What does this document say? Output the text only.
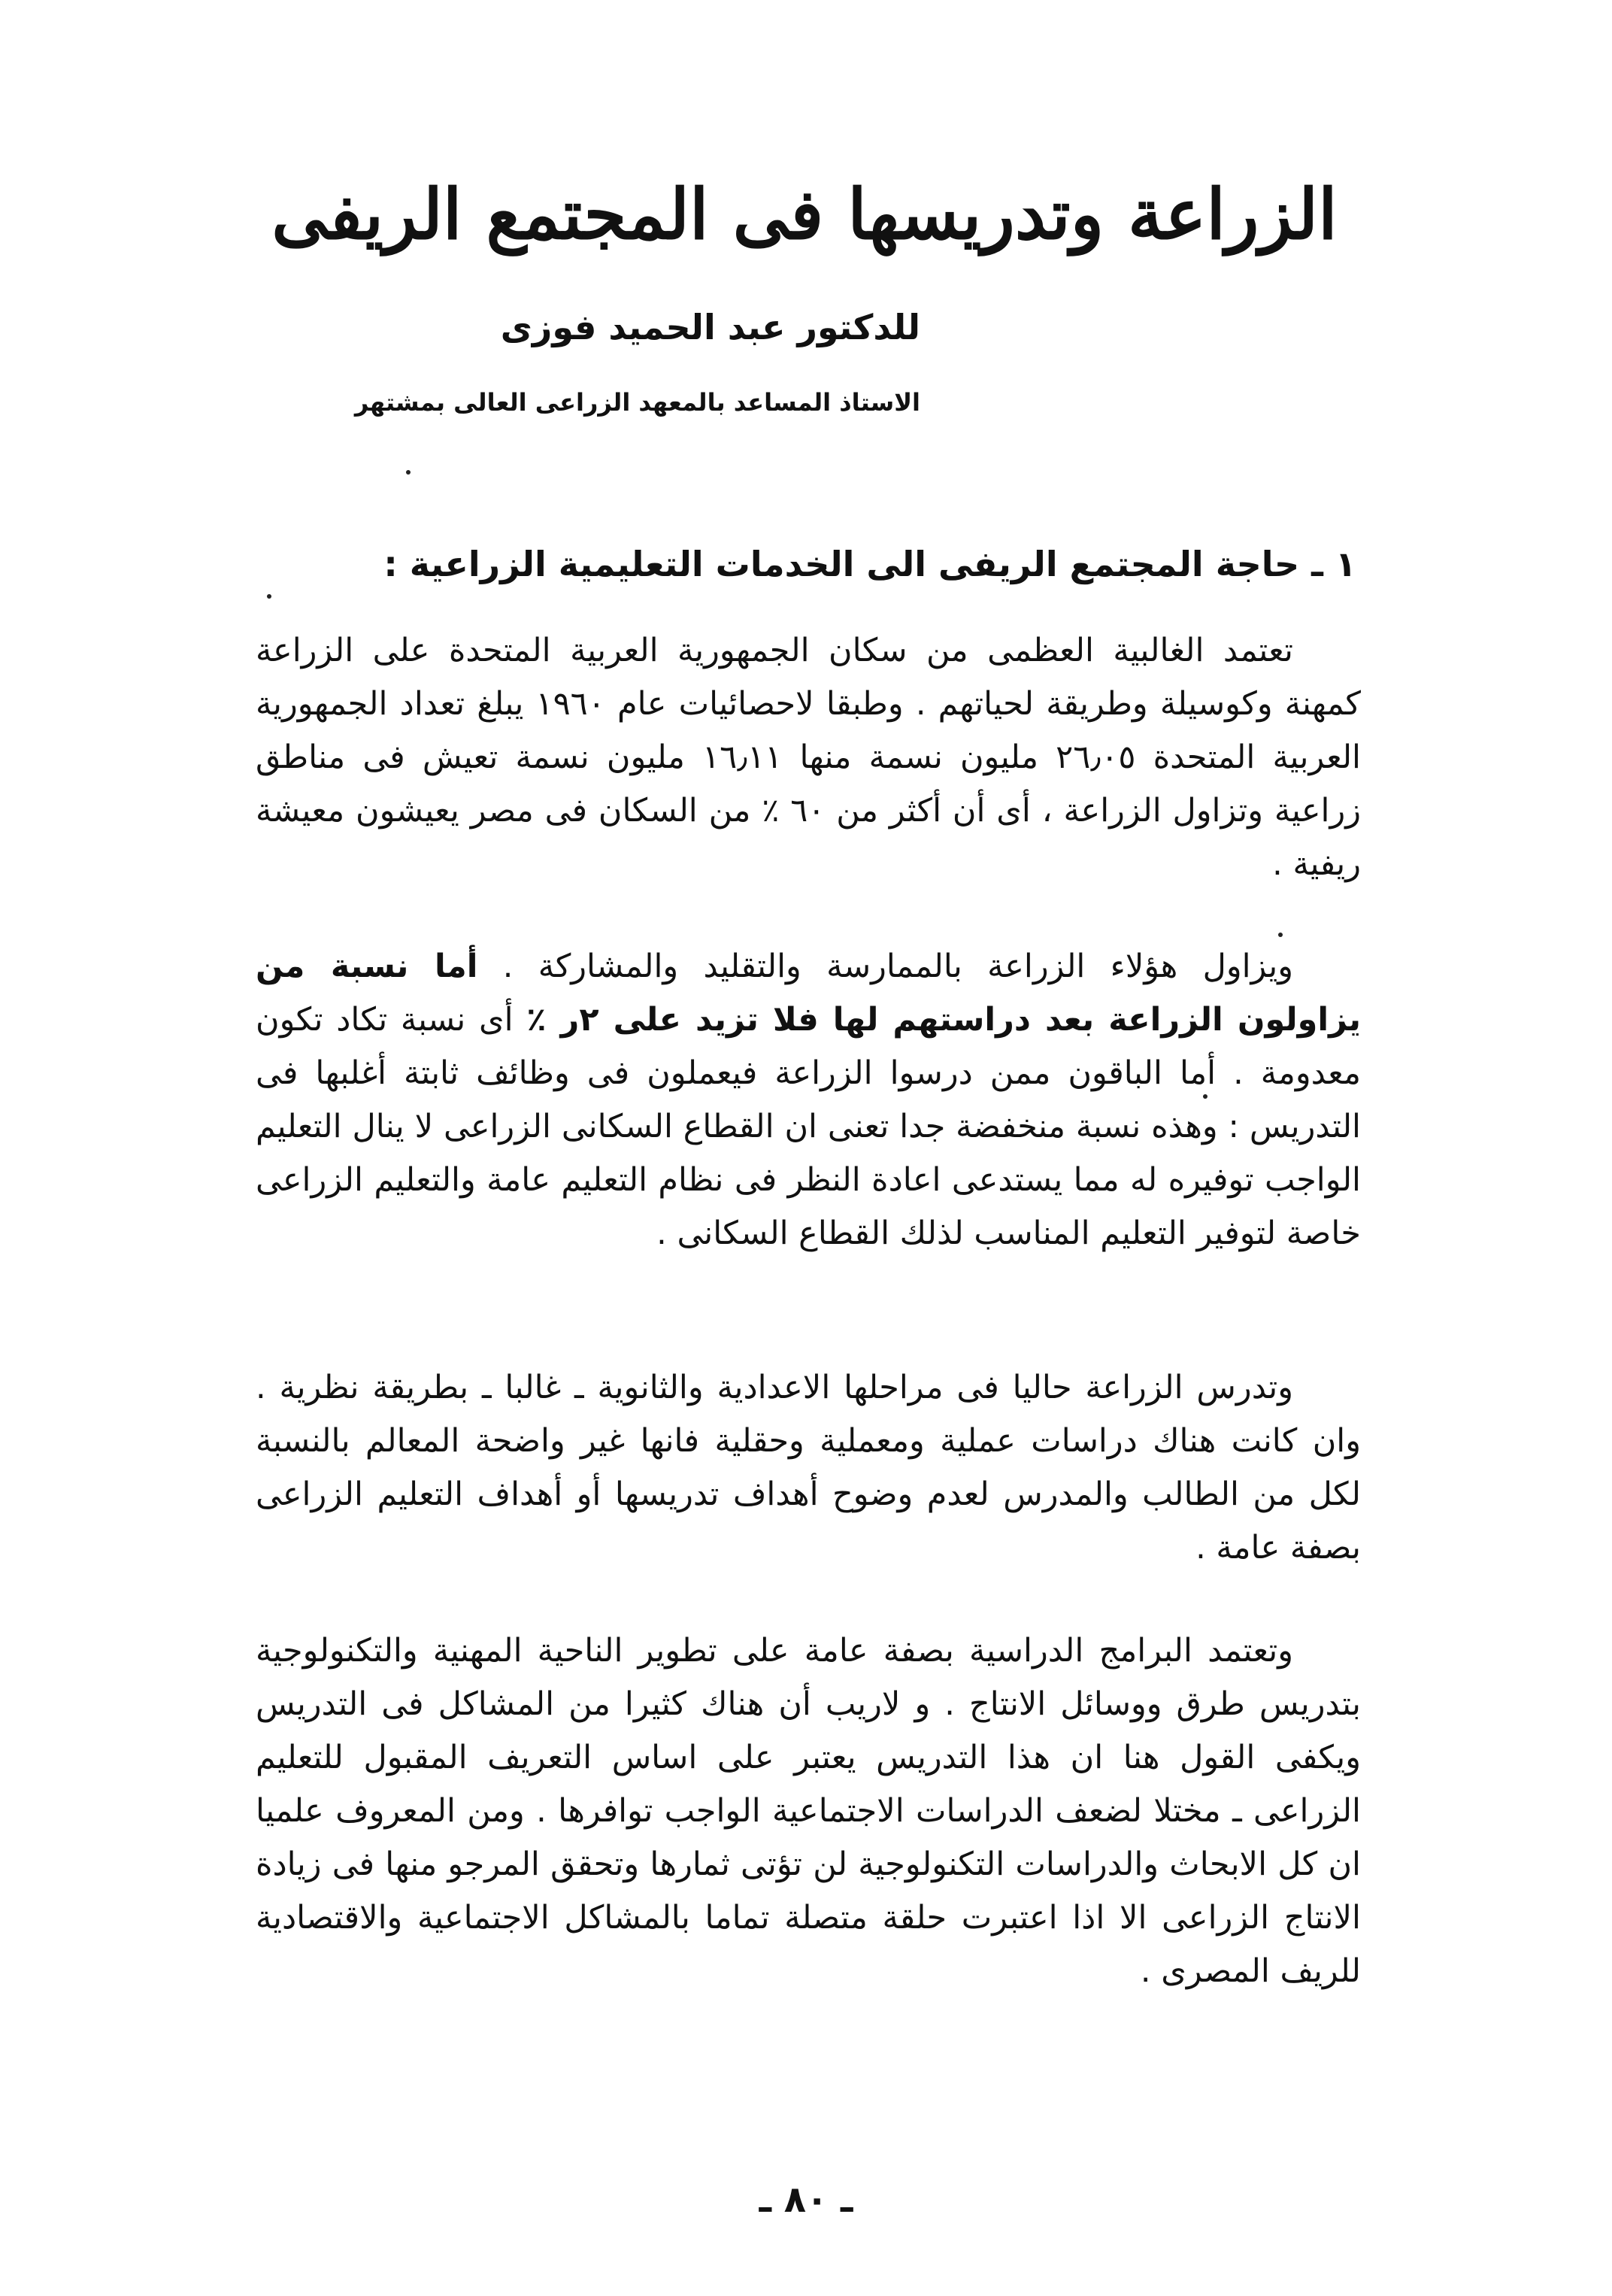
الزراعة وتدريسها فى المجتمع الريفى
للدكتور عبد الحميد فوزى
الاستاذ المساعد بالمعهد الزراعى العالى بمشتهر
١ ـ حاجة المجتمع الريفى الى الخدمات التعليمية الزراعية :

تعتمد الغالبية العظمى من سكان الجمهورية العربية المتحدة على الزراعة كمهنة وكوسيلة وطريقة لحياتهم . وطبقا لاحصائيات عام ١٩٦٠ يبلغ تعداد الجمهورية العربية المتحدة ٢٦٫٠٥ مليون نسمة منها ١٦٫١١ مليون نسمة تعيش فى مناطق زراعية وتزاول الزراعة ، أى أن أكثر من ٦٠ ٪ من السكان فى مصر يعيشون معيشة ريفية .

ويزاول هؤلاء الزراعة بالممارسة والتقليد والمشاركة . أما نسبة من يزاولون الزراعة بعد دراستهم لها فلا تزيد على ٢ر ٪ أى نسبة تكاد تكون معدومة . أما الباقون ممن درسوا الزراعة فيعملون فى وظائف ثابتة أغلبها فى التدريس : وهذه نسبة منخفضة جدا تعنى ان القطاع السكانى الزراعى لا ينال التعليم الواجب توفيره له مما يستدعى اعادة النظر فى نظام التعليم عامة والتعليم الزراعى خاصة لتوفير التعليم المناسب لذلك القطاع السكانى .

وتدرس الزراعة حاليا فى مراحلها الاعدادية والثانوية ـ غالبا ـ بطريقة نظرية . وان كانت هناك دراسات عملية ومعملية وحقلية فانها غير واضحة المعالم بالنسبة لكل من الطالب والمدرس لعدم وضوح أهداف تدريسها أو أهداف التعليم الزراعى بصفة عامة .

وتعتمد البرامج الدراسية بصفة عامة على تطوير الناحية المهنية والتكنولوجية بتدريس طرق ووسائل الانتاج . و لاريب أن هناك كثيرا من المشاكل فى التدريس ويكفى القول هنا ان هذا التدريس يعتبر على اساس التعريف المقبول للتعليم الزراعى ـ مختلا لضعف الدراسات الاجتماعية الواجب توافرها . ومن المعروف علميا ان كل الابحاث والدراسات التكنولوجية لن تؤتى ثمارها وتحقق المرجو منها فى زيادة الانتاج الزراعى الا اذا اعتبرت حلقة متصلة تماما بالمشاكل الاجتماعية والاقتصادية للريف المصرى .

ـ ٨٠ ـ
